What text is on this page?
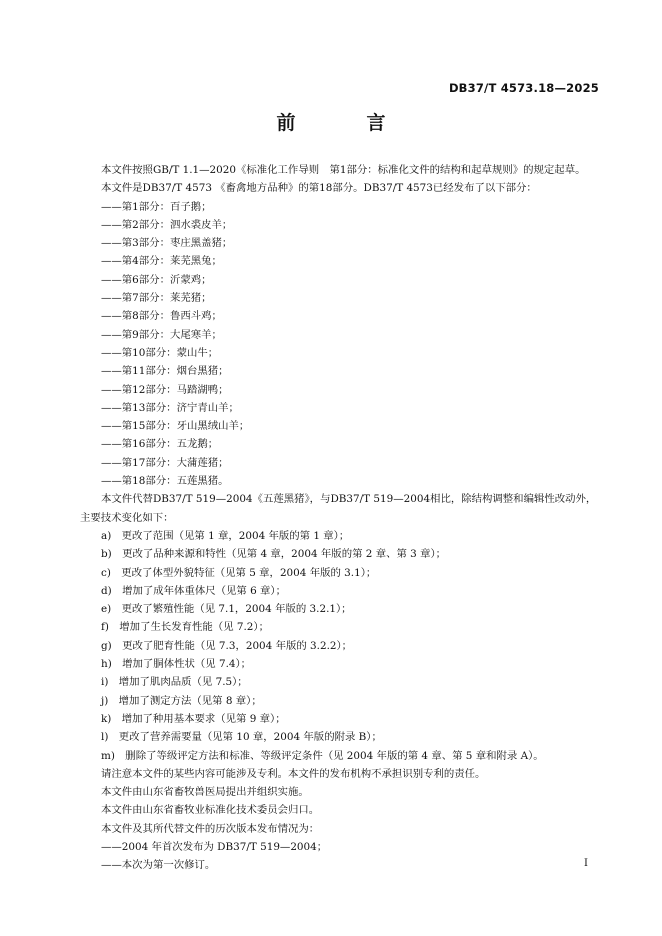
DB37/T 4573.18—2025
前　言

本文件按照GB/T 1.1—2020《标准化工作导则　第1部分：标准化文件的结构和起草规则》的规定起草。

本文件是DB37/T 4573 《畜禽地方品种》的第18部分。DB37/T 4573已经发布了以下部分：

——第1部分：百子鹅；

——第2部分：泗水裘皮羊；

——第3部分：枣庄黑盖猪；

——第4部分：莱芜黑兔；

——第6部分：沂蒙鸡；

——第7部分：莱芜猪；

——第8部分：鲁西斗鸡；

——第9部分：大尾寒羊；

——第10部分：蒙山牛；

——第11部分：烟台黑猪；

——第12部分：马踏湖鸭；

——第13部分：济宁青山羊；

——第15部分：牙山黑绒山羊；

——第16部分：五龙鹅；

——第17部分：大蒲莲猪；

——第18部分：五莲黑猪。

本文件代替DB37/T 519—2004《五莲黑猪》，与DB37/T 519—2004相比，除结构调整和编辑性改动外，主要技术变化如下：

a)　更改了范围（见第 1 章，2004 年版的第 1 章）；

b)　更改了品种来源和特性（见第 4 章，2004 年版的第 2 章、第 3 章）；

c)　更改了体型外貌特征（见第 5 章，2004 年版的 3.1）；

d)　增加了成年体重体尺（见第 6 章）；

e)　更改了繁殖性能（见 7.1，2004 年版的 3.2.1）；

f)　增加了生长发育性能（见 7.2）；

g)　更改了肥育性能（见 7.3，2004 年版的 3.2.2）；

h)　增加了胴体性状（见 7.4）；

i)　增加了肌肉品质（见 7.5）；

j)　增加了测定方法（见第 8 章）；

k)　增加了种用基本要求（见第 9 章）；

l)　更改了营养需要量（见第 10 章，2004 年版的附录 B）；

m)　删除了等级评定方法和标准、等级评定条件（见 2004 年版的第 4 章、第 5 章和附录 A）。

请注意本文件的某些内容可能涉及专利。本文件的发布机构不承担识别专利的责任。

本文件由山东省畜牧兽医局提出并组织实施。

本文件由山东省畜牧业标准化技术委员会归口。

本文件及其所代替文件的历次版本发布情况为：

——2004 年首次发布为 DB37/T 519—2004；

——本次为第一次修订。	I
